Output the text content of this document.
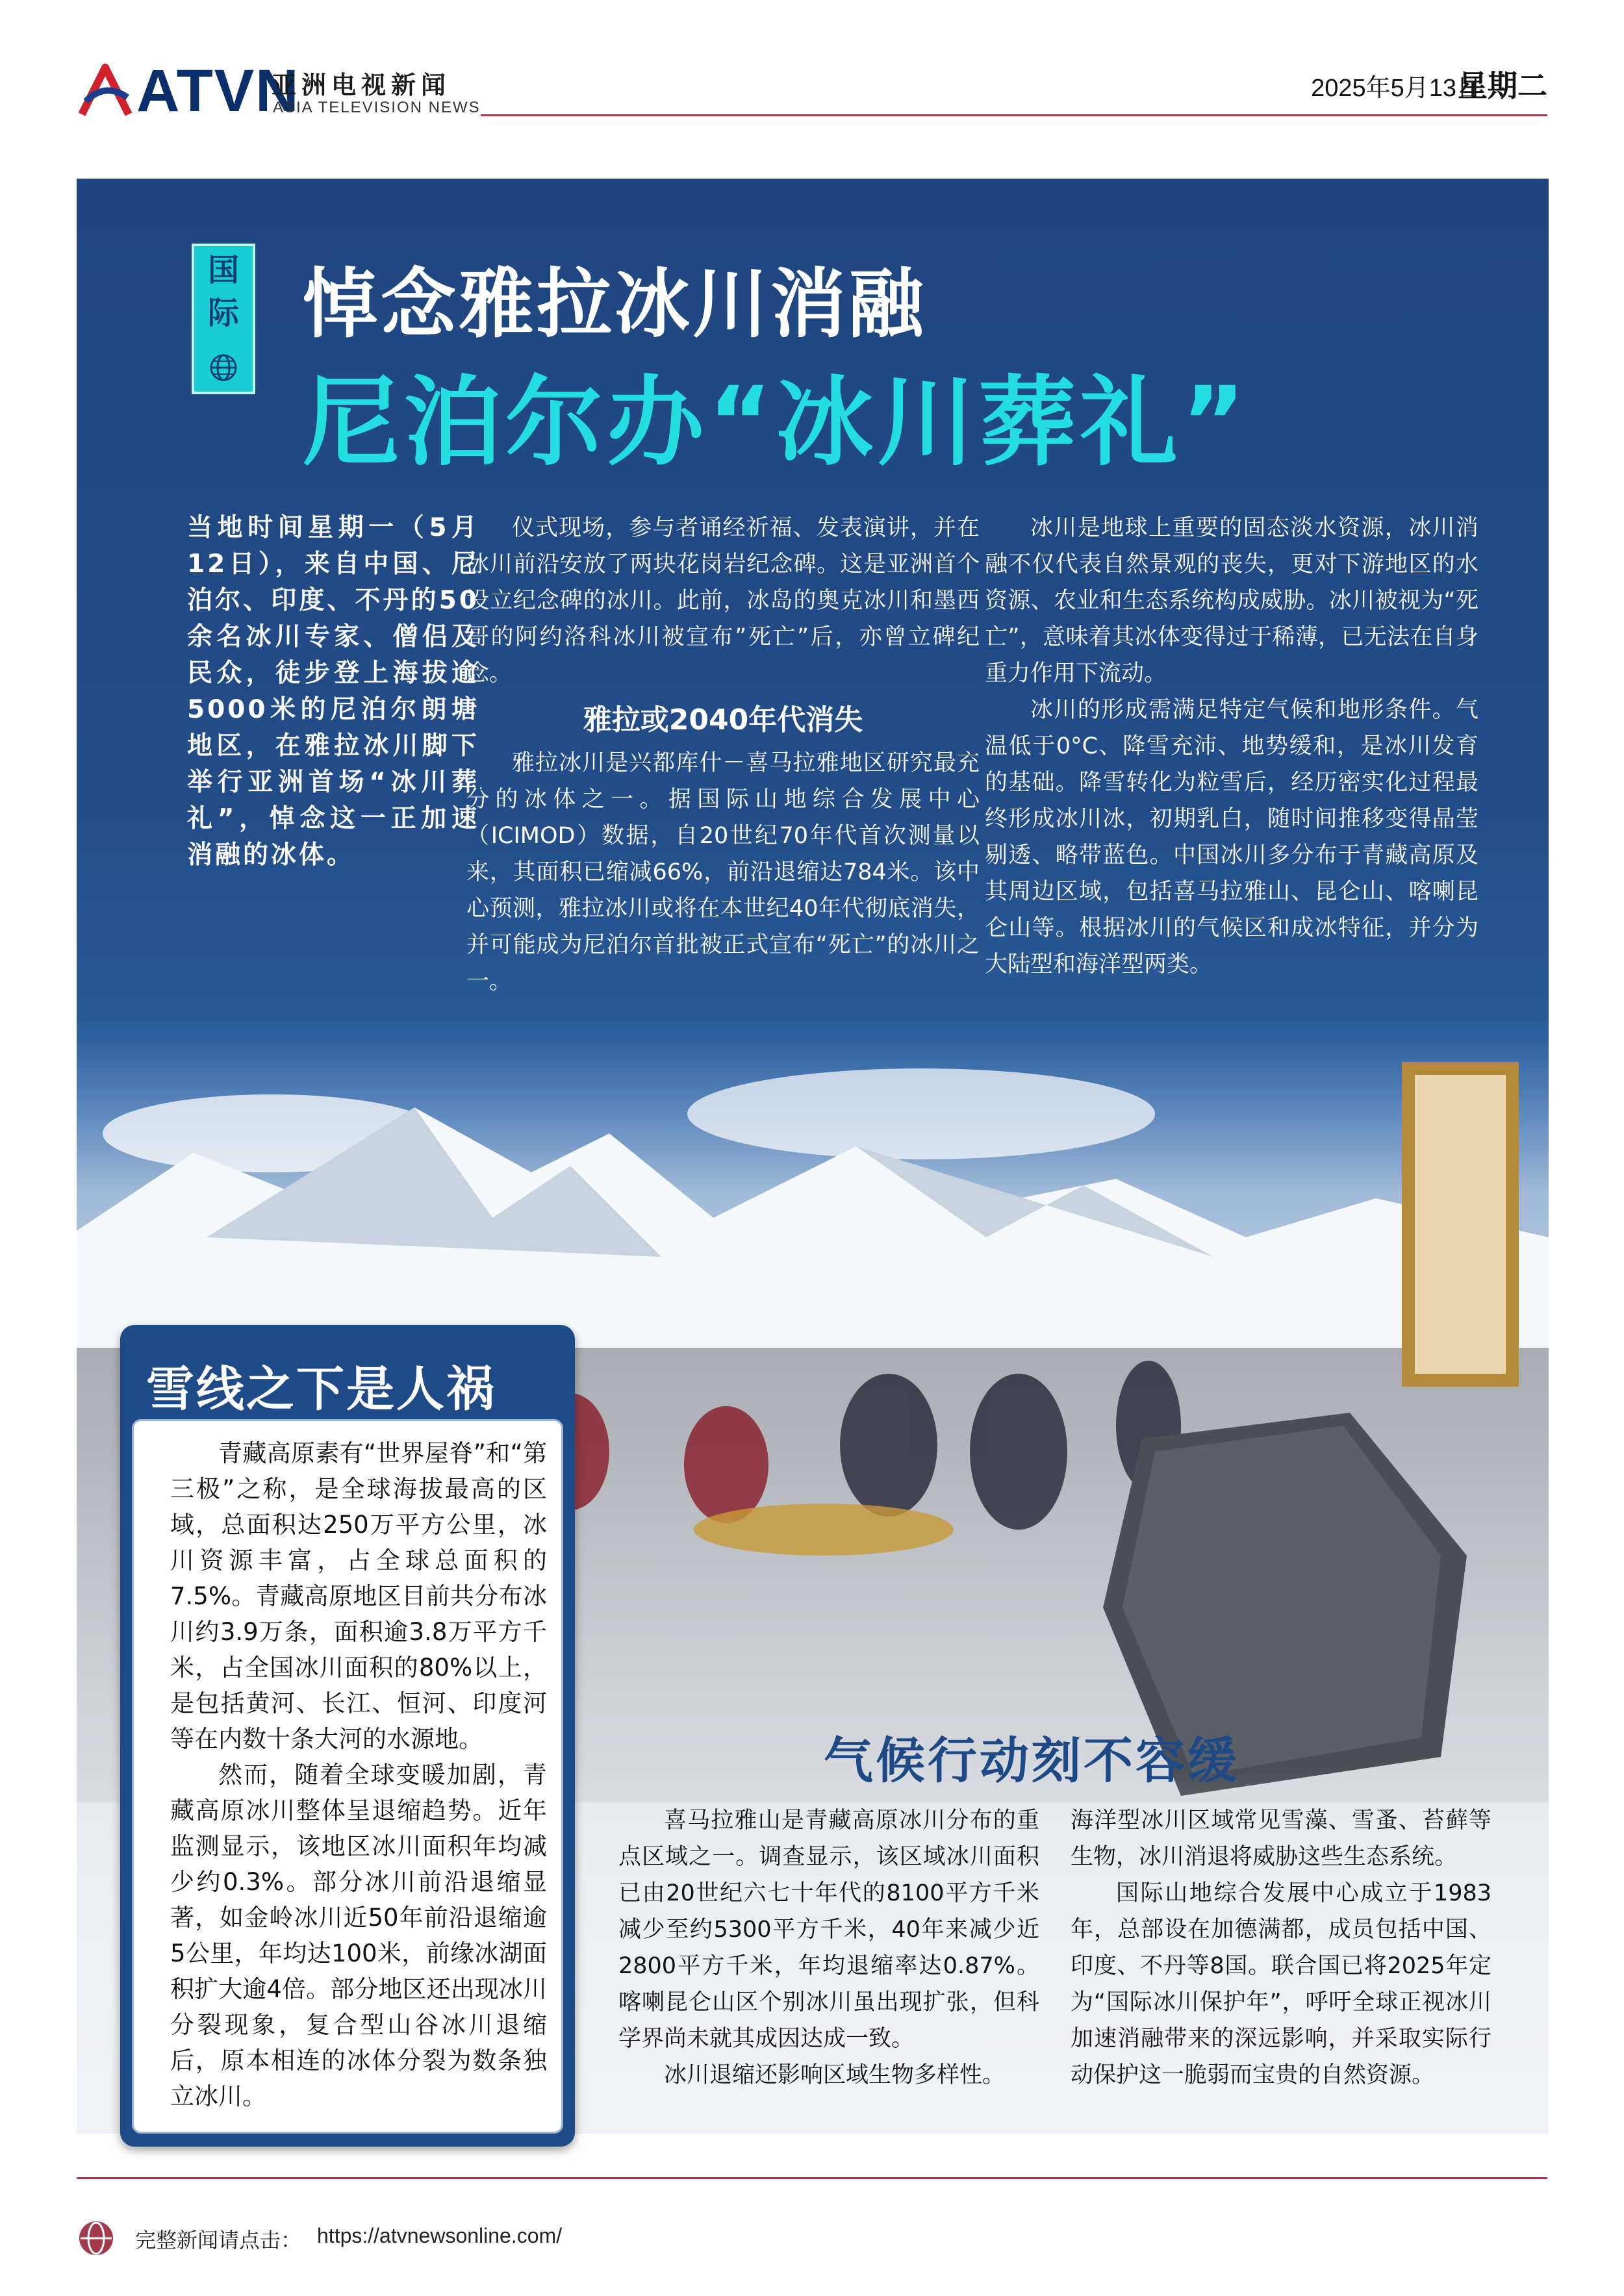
ATVN
亚洲电视新闻
ASIA TELEVISION NEWS
2025年5月13日
星期二
国
际 悼念雅拉冰川消融
尼泊尔办“冰川葬礼”
当地时间星期一（5月12日），来自中国、尼泊尔、印度、不丹的50余名冰川专家、僧侣及民众，徒步登上海拔逾5000米的尼泊尔朗塘地区，在雅拉冰川脚下举行亚洲首场“冰川葬礼”，悼念这一正加速消融的冰体。

仪式现场，参与者诵经祈福、发表演讲，并在冰川前沿安放了两块花岗岩纪念碑。这是亚洲首个设立纪念碑的冰川。此前，冰岛的奥克冰川和墨西哥的阿约洛科冰川被宣布”死亡”后，亦曾立碑纪念。

雅拉或2040年代消失

雅拉冰川是兴都库什－喜马拉雅地区研究最充分的冰体之一。据国际山地综合发展中心（ICIMOD）数据，自20世纪70年代首次测量以来，其面积已缩减66%，前沿退缩达784米。该中心预测，雅拉冰川或将在本世纪40年代彻底消失，并可能成为尼泊尔首批被正式宣布“死亡”的冰川之一。

冰川是地球上重要的固态淡水资源，冰川消融不仅代表自然景观的丧失，更对下游地区的水资源、农业和生态系统构成威胁。冰川被视为“死亡”，意味着其冰体变得过于稀薄，已无法在自身重力作用下流动。

冰川的形成需满足特定气候和地形条件。气温低于0°C、降雪充沛、地势缓和，是冰川发育的基础。降雪转化为粒雪后，经历密实化过程最终形成冰川冰，初期乳白，随时间推移变得晶莹剔透、略带蓝色。中国冰川多分布于青藏高原及其周边区域，包括喜马拉雅山、昆仑山、喀喇昆仑山等。根据冰川的气候区和成冰特征，并分为大陆型和海洋型两类。

雪线之下是人祸

青藏高原素有“世界屋脊”和“第三极”之称，是全球海拔最高的区域，总面积达250万平方公里，冰川资源丰富，占全球总面积的7.5%。青藏高原地区目前共分布冰川约3.9万条，面积逾3.8万平方千米，占全国冰川面积的80%以上，是包括黄河、长江、恒河、印度河等在内数十条大河的水源地。

然而，随着全球变暖加剧，青藏高原冰川整体呈退缩趋势。近年监测显示，该地区冰川面积年均减少约0.3%。部分冰川前沿退缩显著，如金岭冰川近50年前沿退缩逾5公里，年均达100米，前缘冰湖面积扩大逾4倍。部分地区还出现冰川分裂现象，复合型山谷冰川退缩后，原本相连的冰体分裂为数条独立冰川。

气候行动刻不容缓

喜马拉雅山是青藏高原冰川分布的重点区域之一。调查显示，该区域冰川面积已由20世纪六七十年代的8100平方千米减少至约5300平方千米，40年来减少近2800平方千米，年均退缩率达0.87%。喀喇昆仑山区个别冰川虽出现扩张，但科学界尚未就其成因达成一致。

冰川退缩还影响区域生物多样性。

海洋型冰川区域常见雪藻、雪蚤、苔藓等生物，冰川消退将威胁这些生态系统。

国际山地综合发展中心成立于1983年，总部设在加德满都，成员包括中国、印度、不丹等8国。联合国已将2025年定为“国际冰川保护年”，呼吁全球正视冰川加速消融带来的深远影响，并采取实际行动保护这一脆弱而宝贵的自然资源。

完整新闻请点击： https://atvnewsonline.com/
